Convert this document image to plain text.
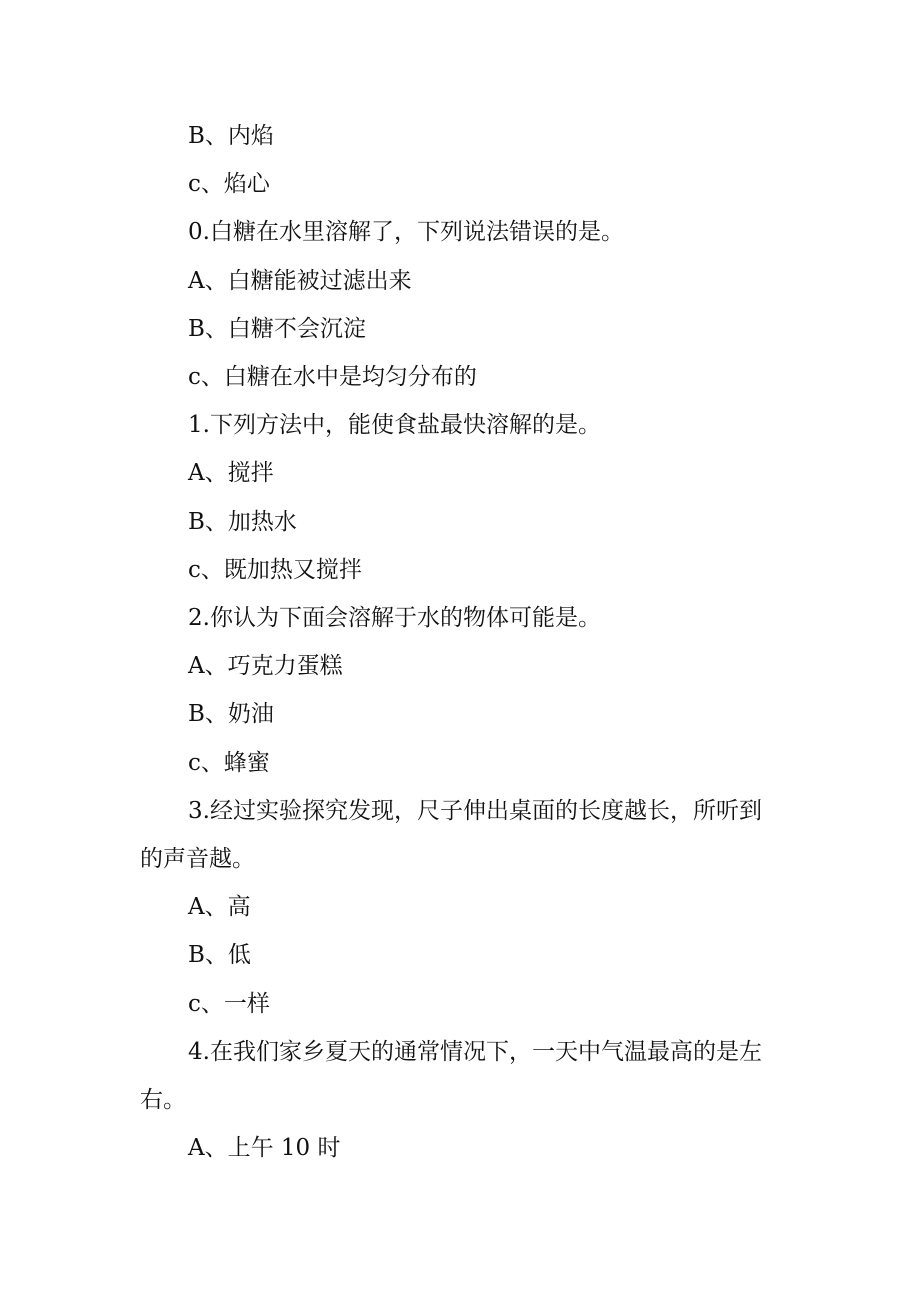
B、内焰

c、焰心

0.白糖在水里溶解了，下列说法错误的是。

A、白糖能被过滤出来

B、白糖不会沉淀

c、白糖在水中是均匀分布的

1.下列方法中，能使食盐最快溶解的是。

A、搅拌

B、加热水

c、既加热又搅拌

2.你认为下面会溶解于水的物体可能是。

A、巧克力蛋糕

B、奶油

c、蜂蜜

3.经过实验探究发现，尺子伸出桌面的长度越长，所听到的声音越。

A、高

B、低

c、一样

4.在我们家乡夏天的通常情况下，一天中气温最高的是左右。

A、上午 10 时
